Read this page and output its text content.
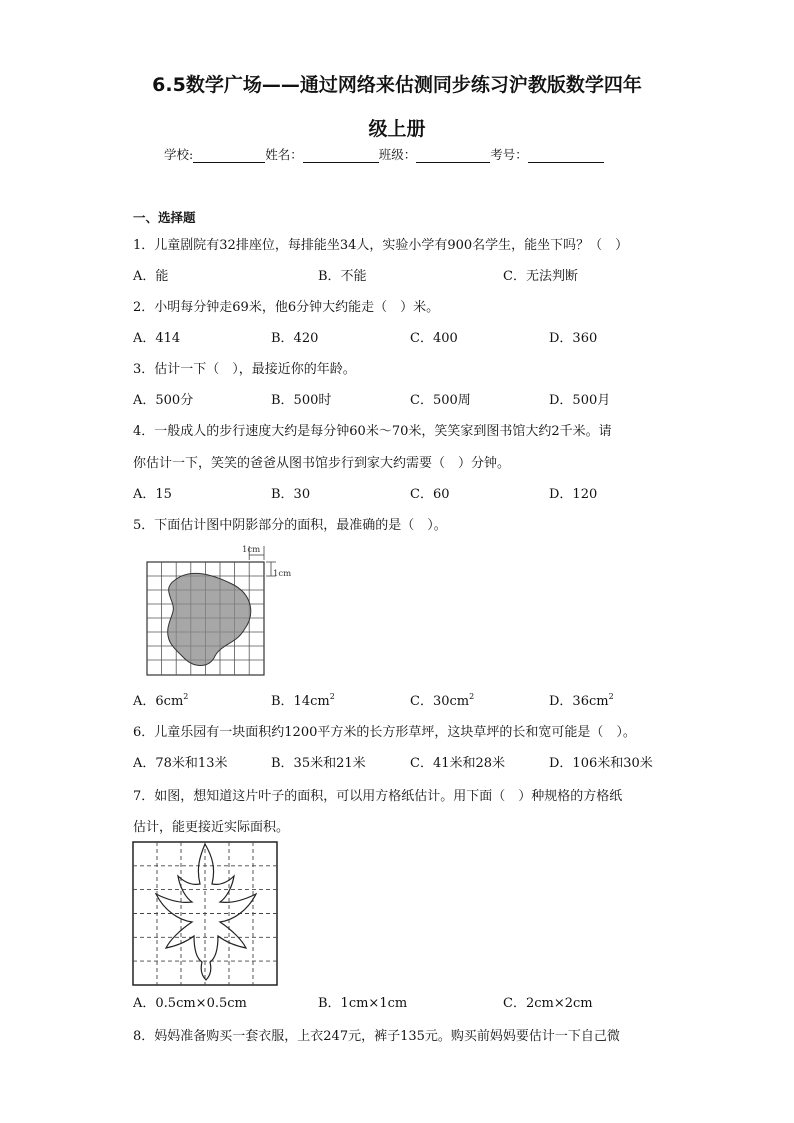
6.5数学广场——通过网络来估测同步练习沪教版数学四年
级上册
学校:	姓名：	班级：	考号：
一、选择题
1．儿童剧院有32排座位，每排能坐34人，实验小学有900名学生，能坐下吗？（　）
A．能	B．不能	C．无法判断
2．小明每分钟走69米，他6分钟大约能走（　）米。
A．414	B．420	C．400	D．360
3．估计一下（　），最接近你的年龄。
A．500分	B．500时	C．500周	D．500月
4．一般成人的步行速度大约是每分钟60米～70米，笑笑家到图书馆大约2千米。请
你估计一下，笑笑的爸爸从图书馆步行到家大约需要（　）分钟。
A．15	B．30	C．60	D．120
5．下面估计图中阴影部分的面积，最准确的是（　）。
1cm
1cm
A．$6cm^2$	B．$14cm^2$	C．$30cm^2$	D．$36cm^2$
6．儿童乐园有一块面积约1200平方米的长方形草坪，这块草坪的长和宽可能是（　）。
A．78米和13米	B．35米和21米	C．41米和28米	D．106米和30米
7．如图，想知道这片叶子的面积，可以用方格纸估计。用下面（　）种规格的方格纸
估计，能更接近实际面积。
A．0.5cm×0.5cm	B．1cm×1cm	C．2cm×2cm
8．妈妈准备购买一套衣服，上衣247元，裤子135元。购买前妈妈要估计一下自己微
